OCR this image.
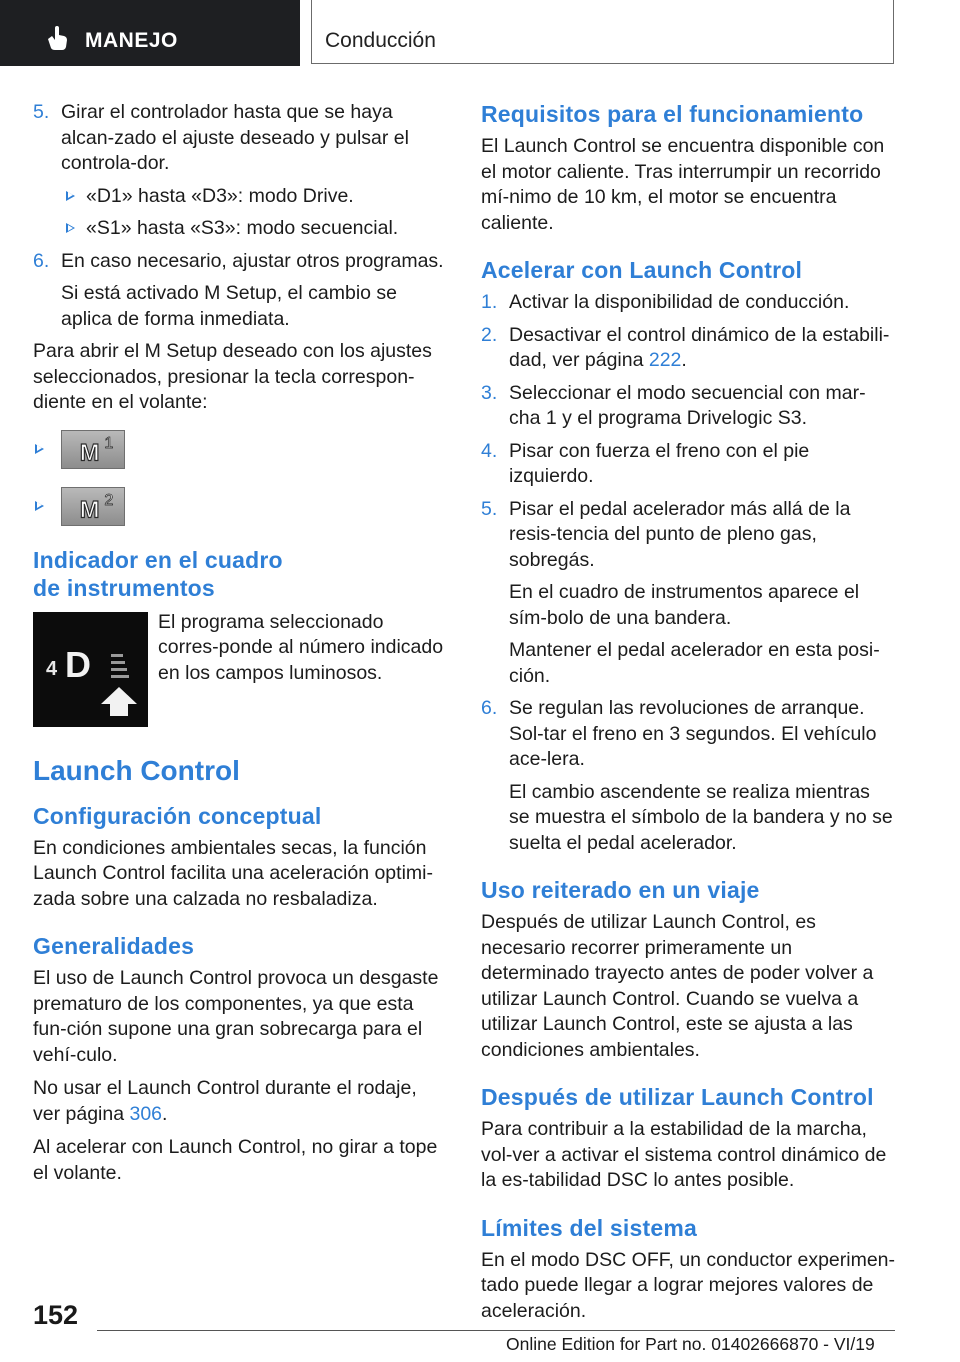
MANEJO	Conducción
5. Girar el controlador hasta que se haya alcan-zado el ajuste deseado y pulsar el controla-dor.
«D1» hasta «D3»: modo Drive.
«S1» hasta «S3»: modo secuencial.
6. En caso necesario, ajustar otros programas.
Si está activado M Setup, el cambio se aplica de forma inmediata.

Para abrir el M Setup deseado con los ajustes seleccionados, presionar la tecla correspon-diente en el volante:

M 1
M 2
Indicador en el cuadro de instrumentos
4 D
El programa seleccionado corres-ponde al número indicado en los campos luminosos.
Launch Control
Configuración conceptual

En condiciones ambientales secas, la función Launch Control facilita una aceleración optimi-zada sobre una calzada no resbaladiza.

Generalidades

El uso de Launch Control provoca un desgaste prematuro de los componentes, ya que esta fun-ción supone una gran sobrecarga para el vehí-culo.

No usar el Launch Control durante el rodaje, ver página 306.

Al acelerar con Launch Control, no girar a tope el volante.

Requisitos para el funcionamiento

El Launch Control se encuentra disponible con el motor caliente. Tras interrumpir un recorrido mí-nimo de 10 km, el motor se encuentra caliente.

Acelerar con Launch Control
1. Activar la disponibilidad de conducción.
2. Desactivar el control dinámico de la estabili-dad, ver página 222.
3. Seleccionar el modo secuencial con mar-cha 1 y el programa Drivelogic S3.
4. Pisar con fuerza el freno con el pie izquierdo.
5. Pisar el pedal acelerador más allá de la resis-tencia del punto de pleno gas, sobregás.
En el cuadro de instrumentos aparece el sím-bolo de una bandera.
Mantener el pedal acelerador en esta posi-ción.
6. Se regulan las revoluciones de arranque. Sol-tar el freno en 3 segundos. El vehículo ace-lera.
El cambio ascendente se realiza mientras se muestra el símbolo de la bandera y no se suelta el pedal acelerador.
Uso reiterado en un viaje

Después de utilizar Launch Control, es necesario recorrer primeramente un determinado trayecto antes de poder volver a utilizar Launch Control. Cuando se vuelva a utilizar Launch Control, este se ajusta a las condiciones ambientales.

Después de utilizar Launch Control

Para contribuir a la estabilidad de la marcha, vol-ver a activar el sistema control dinámico de la es-tabilidad DSC lo antes posible.

Límites del sistema

En el modo DSC OFF, un conductor experimen-tado puede llegar a lograr mejores valores de aceleración.

152
Online Edition for Part no. 01402666870 - VI/19
